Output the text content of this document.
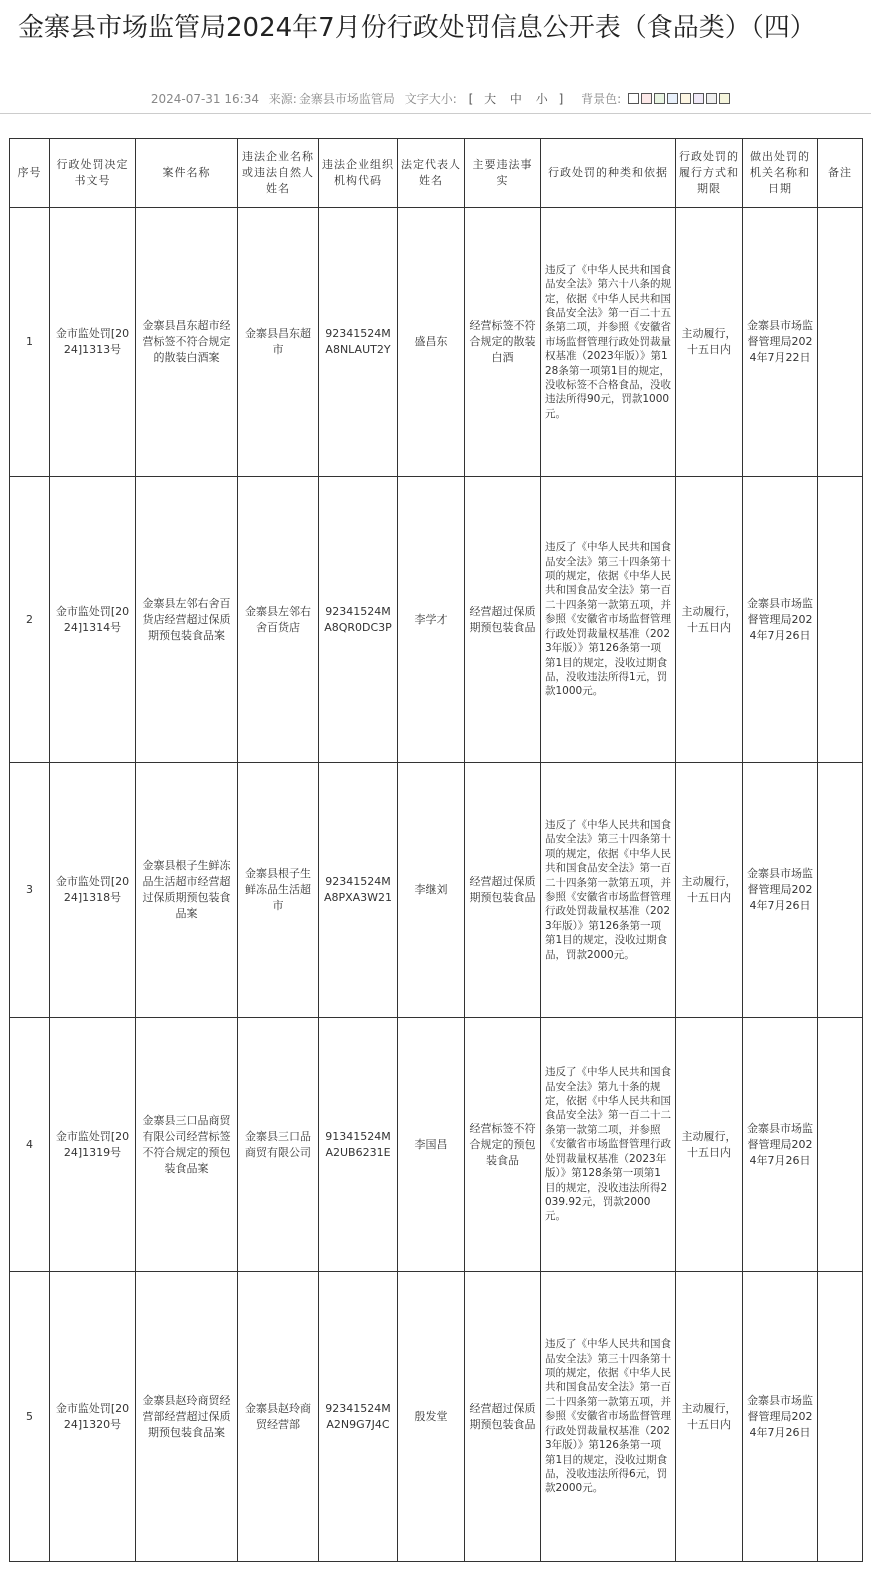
金寨县市场监管局2024年7月份行政处罚信息公开表（食品类）（四）
2024-07-31 16:34 来源: 金寨县市场监管局 文字大小: [ 大 中 小 ] 背景色:
序号	行政处罚决定书文号	案件名称	违法企业名称或违法自然人姓名	违法企业组织机构代码	法定代表人姓名	主要违法事实	行政处罚的种类和依据	行政处罚的履行方式和期限	做出处罚的机关名称和日期	备注
1	金市监处罚[2024]1313号	金寨县昌东超市经营标签不符合规定的散装白酒案	金寨县昌东超市	92341524MA8NLAUT2Y	盛昌东	经营标签不符合规定的散装白酒	违反了《中华人民共和国食品安全法》第六十八条的规定，依据《中华人民共和国食品安全法》第一百二十五条第二项，并参照《安徽省市场监督管理行政处罚裁量权基准（2023年版）》第128条第一项第1目的规定，没收标签不合格食品，没收违法所得90元，罚款1000元。	主动履行，十五日内	金寨县市场监督管理局2024年7月22日	
2	金市监处罚[2024]1314号	金寨县左邻右舍百货店经营超过保质期预包装食品案	金寨县左邻右舍百货店	92341524MA8QR0DC3P	李学才	经营超过保质期预包装食品	违反了《中华人民共和国食品安全法》第三十四条第十项的规定，依据《中华人民共和国食品安全法》第一百二十四条第一款第五项，并参照《安徽省市场监督管理行政处罚裁量权基准（2023年版）》第126条第一项第1目的规定，没收过期食品，没收违法所得1元，罚款1000元。	主动履行，十五日内	金寨县市场监督管理局2024年7月26日	
3	金市监处罚[2024]1318号	金寨县根子生鲜冻品生活超市经营超过保质期预包装食品案	金寨县根子生鲜冻品生活超市	92341524MA8PXA3W21	李继刘	经营超过保质期预包装食品	违反了《中华人民共和国食品安全法》第三十四条第十项的规定，依据《中华人民共和国食品安全法》第一百二十四条第一款第五项，并参照《安徽省市场监督管理行政处罚裁量权基准（2023年版）》第126条第一项第1目的规定，没收过期食品，罚款2000元。	主动履行，十五日内	金寨县市场监督管理局2024年7月26日	
4	金市监处罚[2024]1319号	金寨县三口品商贸有限公司经营标签不符合规定的预包装食品案	金寨县三口品商贸有限公司	91341524MA2UB6231E	李国昌	经营标签不符合规定的预包装食品	违反了《中华人民共和国食品安全法》第九十条的规定，依据《中华人民共和国食品安全法》第一百二十二条第一款第二项，并参照《安徽省市场监督管理行政处罚裁量权基准（2023年版）》第128条第一项第1目的规定，没收违法所得2039.92元，罚款2000元。	主动履行，十五日内	金寨县市场监督管理局2024年7月26日	
5	金市监处罚[2024]1320号	金寨县赵玲商贸经营部经营超过保质期预包装食品案	金寨县赵玲商贸经营部	92341524MA2N9G7J4C	殷发堂	经营超过保质期预包装食品	违反了《中华人民共和国食品安全法》第三十四条第十项的规定，依据《中华人民共和国食品安全法》第一百二十四条第一款第五项，并参照《安徽省市场监督管理行政处罚裁量权基准（2023年版）》第126条第一项第1目的规定，没收过期食品，没收违法所得6元，罚款2000元。	主动履行，十五日内	金寨县市场监督管理局2024年7月26日	
